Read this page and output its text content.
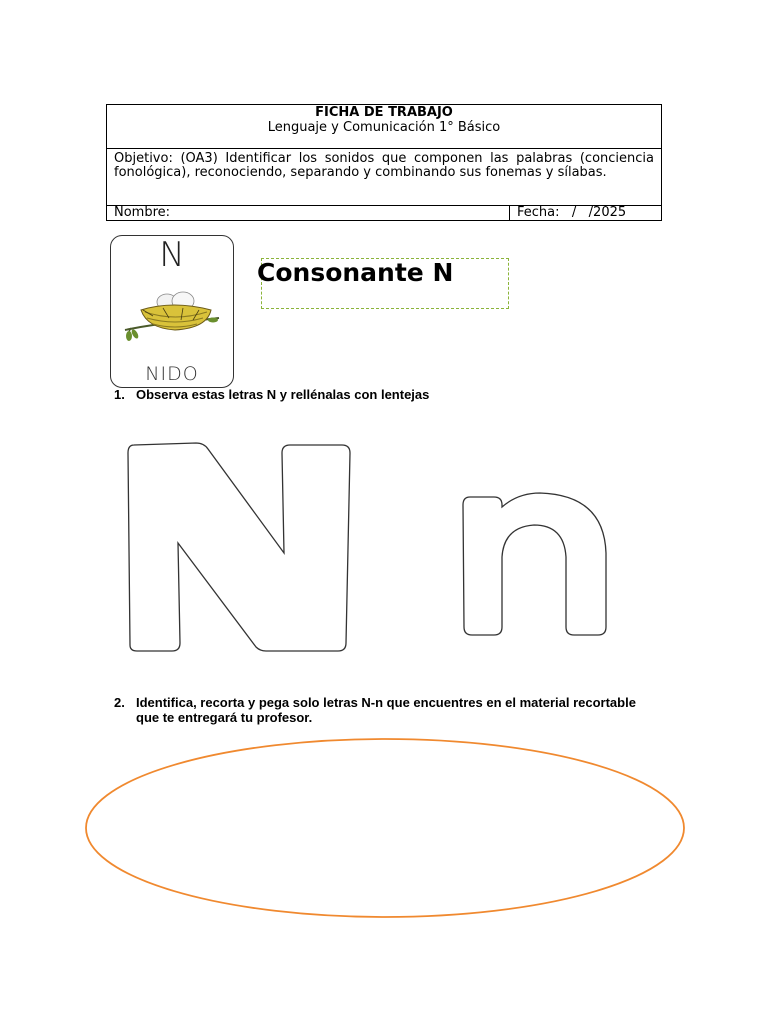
FICHA DE TRABAJO
Lenguaje y Comunicación 1° Básico

Objetivo: (OA3) Identificar los sonidos que componen las palabras (conciencia fonológica), reconociendo, separando y combinando sus fonemas y sílabas.

Nombre:	Fecha:   /   /2025
N
NIDO
Consonante N
1. Observa estas letras N y rellénalas con lentejas
2. Identifica, recorta y pega solo letras N-n que encuentres en el material recortable
que te entregará tu profesor.
